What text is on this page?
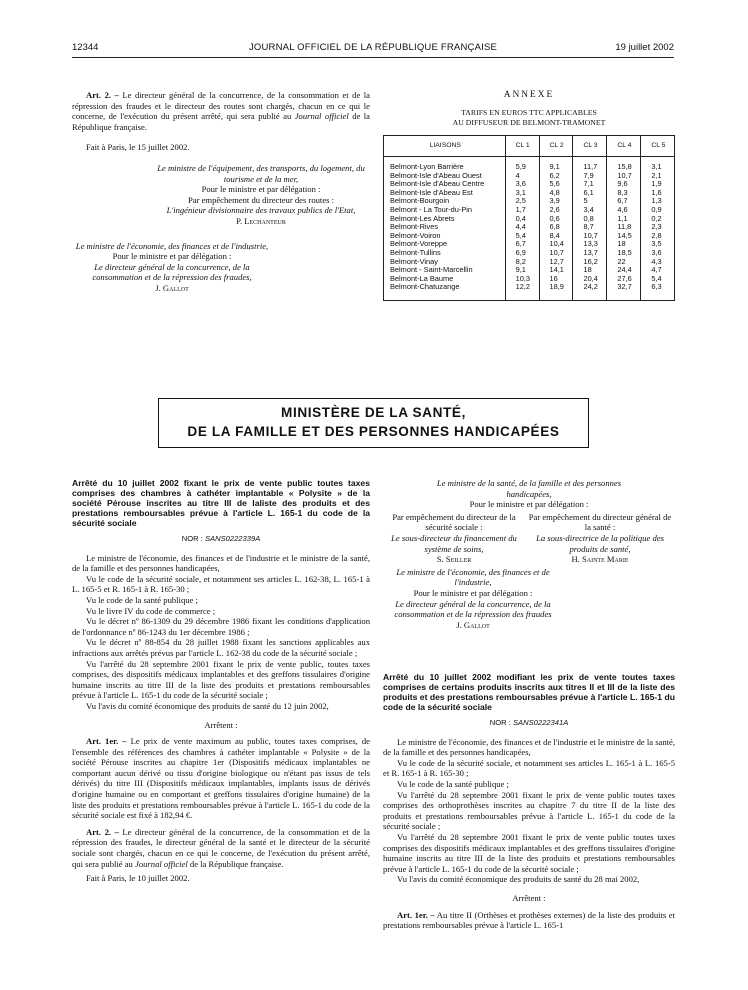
12344	JOURNAL OFFICIEL DE LA RÉPUBLIQUE FRANÇAISE	19 juillet 2002

Art. 2. – Le directeur général de la concurrence, de la consommation et de la répression des fraudes et le directeur des routes sont chargés, chacun en ce qui le concerne, de l'exécution du présent arrêté, qui sera publié au Journal officiel de la République française.

Fait à Paris, le 15 juillet 2002.

Le ministre de l'équipement, des transports, du logement, du tourisme et de la mer,

Pour le ministre et par délégation :

Par empêchement du directeur des routes :

L'ingénieur divisionnaire des travaux publics de l'Etat,

P. Lechanteur

Le ministre de l'économie, des finances et de l'industrie,

Pour le ministre et par délégation :

Le directeur général de la concurrence, de la consommation et de la répression des fraudes,

J. Gallot

ANNEXE
TARIFS EN EUROS TTC APPLICABLES
AU DIFFUSEUR DE BELMONT-TRAMONET
LIAISONS	CL 1	CL 2	CL 3	CL 4	CL 5
Belmont-Lyon Barrière	5,9	9,1	11,7	15,8	3,1
Belmont-Isle d'Abeau Ouest	4	6,2	7,9	10,7	2,1
Belmont-Isle d'Abeau Centre	3,6	5,6	7,1	9,6	1,9
Belmont-Isle d'Abeau Est	3,1	4,8	6,1	8,3	1,6
Belmont-Bourgoin	2,5	3,9	5	6,7	1,3
Belmont - La Tour-du-Pin	1,7	2,6	3,4	4,6	0,9
Belmont-Les Abrets	0,4	0,6	0,8	1,1	0,2
Belmont-Rives	4,4	6,8	8,7	11,8	2,3
Belmont-Voiron	5,4	8,4	10,7	14,5	2,8
Belmont-Voreppe	6,7	10,4	13,3	18	3,5
Belmont-Tullins	6,9	10,7	13,7	18,5	3,6
Belmont-Vinay	8,2	12,7	16,2	22	4,3
Belmont - Saint-Marcellin	9,1	14,1	18	24,4	4,7
Belmont-La Baume	10,3	16	20,4	27,6	5,4
Belmont-Chatuzange	12,2	18,9	24,2	32,7	6,3
MINISTÈRE DE LA SANTÉ,
DE LA FAMILLE ET DES PERSONNES HANDICAPÉES

Arrêté du 10 juillet 2002 fixant le prix de vente public toutes taxes comprises des chambres à cathéter implantable « Polysite » de la société Pérouse inscrites au titre III de laliste des produits et des prestations remboursables prévue à l'article L. 165-1 du code de la sécurité sociale

NOR : SANS0222339A

Le ministre de l'économie, des finances et de l'industrie et le ministre de la santé, de la famille et des personnes handicapées,

Vu le code de la sécurité sociale, et notamment ses articles L. 162-38, L. 165-1 à L. 165-5 et R. 165-1 à R. 165-30 ;

Vu le code de la santé publique ;

Vu le livre IV du code de commerce ;

Vu le décret nº 86-1309 du 29 décembre 1986 fixant les conditions d'application de l'ordonnance nº 86-1243 du 1er décembre 1986 ;

Vu le décret nº 88-854 du 28 juillet 1988 fixant les sanctions applicables aux infractions aux arrêtés prévus par l'article L. 162-38 du code de la sécurité sociale ;

Vu l'arrêté du 28 septembre 2001 fixant le prix de vente public, toutes taxes comprises, des dispositifs médicaux implantables et des greffons tissulaires d'origine humaine inscrits au titre III de la liste des produits et prestations remboursables prévue à l'article L. 165-1 du code de la sécurité sociale ;

Vu l'avis du comité économique des produits de santé du 12 juin 2002,

Arrêtent :

Art. 1er. – Le prix de vente maximum au public, toutes taxes comprises, de l'ensemble des références des chambres à cathéter implantable « Polysite » de la société Pérouse inscrites au chapitre 1er (Dispositifs médicaux implantables ne comportant aucun dérivé ou tissu d'origine biologique ou n'étant pas issus de tels dérivés) du titre III (Dispositifs médicaux implantables, implants issus de dérivés d'origine humaine ou en comportant et greffons tissulaires d'origine humaine) de la liste des produits et prestations remboursables prévue à l'article L. 165-1 du code de la sécurité sociale est fixé à 182,94 €.

Art. 2. – Le directeur général de la concurrence, de la consommation et de la répression des fraudes, le directeur général de la santé et le directeur de la sécurité sociale sont chargés, chacun en ce qui le concerne, de l'exécution du présent arrêté, qui sera publié au Journal officiel de la République française.

Fait à Paris, le 10 juillet 2002.

Le ministre de la santé, de la famille et des personnes handicapées,

Pour le ministre et par délégation :

Par empêchement du directeur de la sécurité sociale :

Le sous-directeur du financement du système de soins,

S. Seiller

Par empêchement du directeur général de la santé :

La sous-directrice de la politique des produits de santé,

H. Sainte Marie

Le ministre de l'économie, des finances et de l'industrie,

Pour le ministre et par délégation :

Le directeur général de la concurrence, de la consommation et de la répression des fraudes

J. Gallot

Arrêté du 10 juillet 2002 modifiant les prix de vente toutes taxes comprises de certains produits inscrits aux titres II et III de la liste des produits et des prestations remboursables prévue à l'article L. 165-1 du code de la sécurité sociale

NOR : SANS0222341A

Le ministre de l'économie, des finances et de l'industrie et le ministre de la santé, de la famille et des personnes handicapées,

Vu le code de la sécurité sociale, et notamment ses articles L. 165-1 à L. 165-5 et R. 165-1 à R. 165-30 ;

Vu le code de la santé publique ;

Vu l'arrêté du 28 septembre 2001 fixant le prix de vente public toutes taxes comprises des orthoprothèses inscrites au chapitre 7 du titre II de la liste des produits et prestations remboursables prévue à l'article L. 165-1 du code de la sécurité sociale ;

Vu l'arrêté du 28 septembre 2001 fixant le prix de vente public toutes taxes comprises des dispositifs médicaux implantables et des greffons tissulaires d'origine humaine inscrits au titre III de la liste des produits et prestations remboursables prévue à l'article L. 165-1 du code de la sécurité sociale ;

Vu l'avis du comité économique des produits de santé du 28 mai 2002,

Arrêtent :

Art. 1er. – Au titre II (Orthèses et prothèses externes) de la liste des produits et prestations remboursables prévue à l'article L. 165-1
